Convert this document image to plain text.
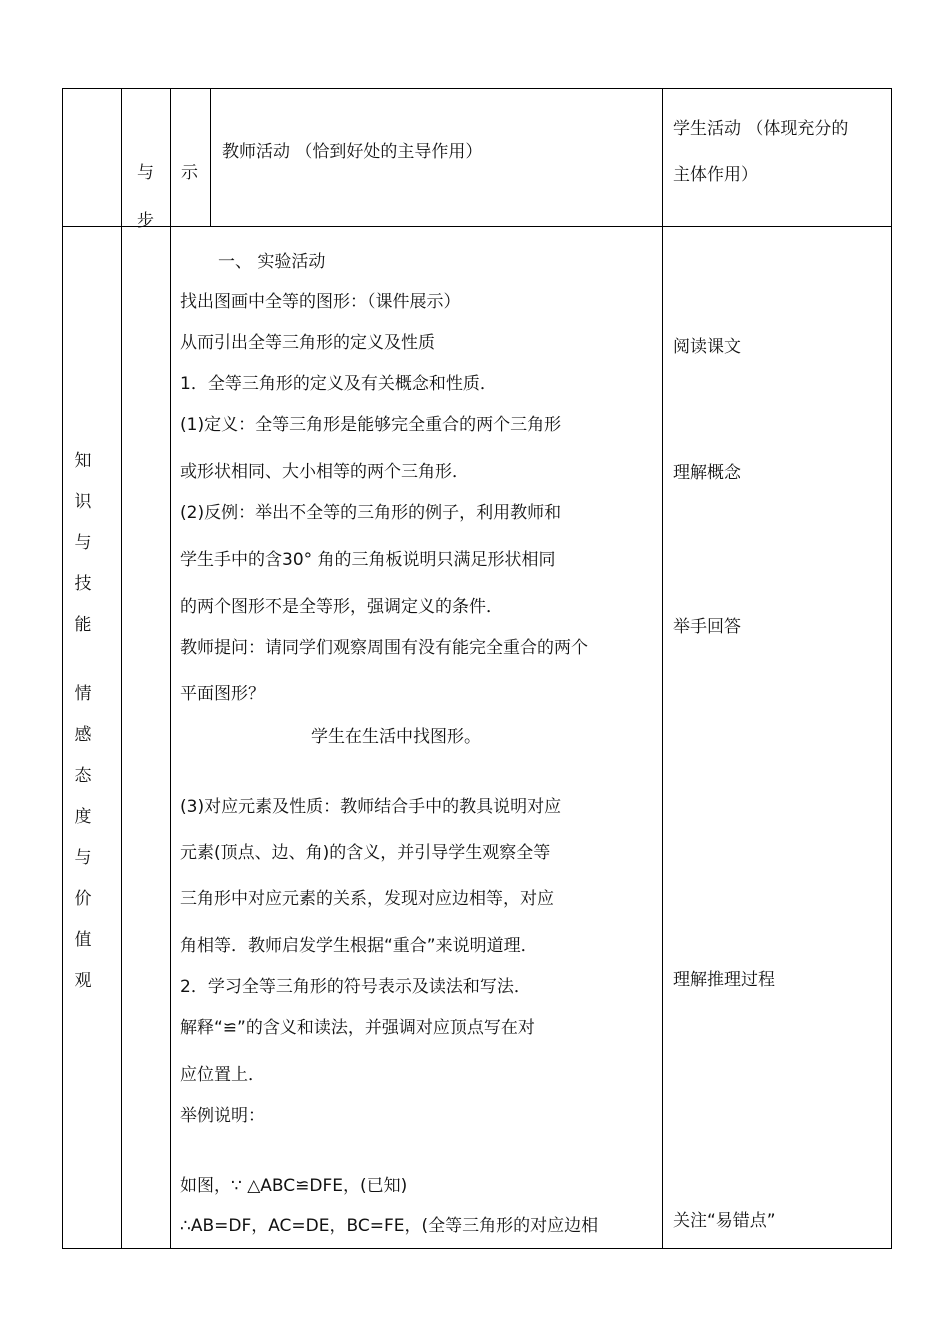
与
步
示
教师活动 （恰到好处的主导作用）
学生活动 （体现充分的
主体作用）
知
识
与
技
能
情
感
态
度
与
价
值
观
一、 实验活动
找出图画中全等的图形：（课件展示）
从而引出全等三角形的定义及性质
1．全等三角形的定义及有关概念和性质．
(1)定义：全等三角形是能够完全重合的两个三角形
或形状相同、大小相等的两个三角形．
(2)反例：举出不全等的三角形的例子，利用教师和
学生手中的含30° 角的三角板说明只满足形状相同
的两个图形不是全等形，强调定义的条件．
教师提问：请同学们观察周围有没有能完全重合的两个
平面图形？
学生在生活中找图形。
(3)对应元素及性质：教师结合手中的教具说明对应
元素(顶点、边、角)的含义，并引导学生观察全等
三角形中对应元素的关系，发现对应边相等，对应
角相等．教师启发学生根据“重合”来说明道理．
2．学习全等三角形的符号表示及读法和写法．
解释“≌”的含义和读法，并强调对应顶点写在对
应位置上．
举例说明：
如图，∵ △ABC≌DFE，(已知)
∴AB=DF，AC=DE，BC=FE，(全等三角形的对应边相
阅读课文
理解概念
举手回答
理解推理过程
关注“易错点”
